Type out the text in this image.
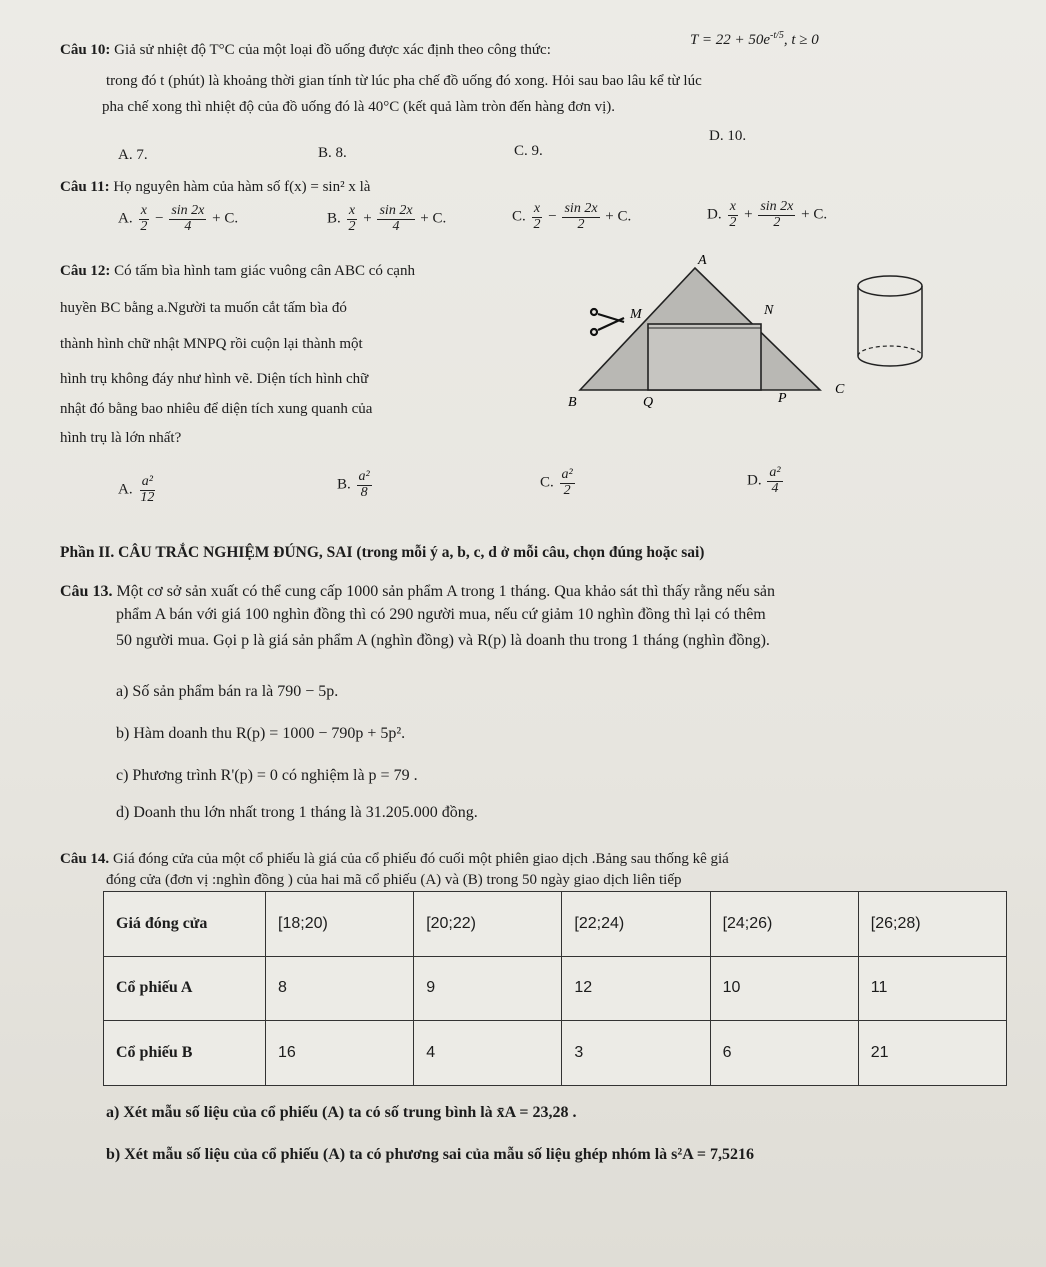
Câu 10: Giả sử nhiệt độ T°C của một loại đồ uống được xác định theo công thức:
$T = 22 + 50e^{-t/5}$, t ≥ 0
trong đó t (phút) là khoảng thời gian tính từ lúc pha chế đồ uống đó xong. Hỏi sau bao lâu kể từ lúc
pha chế xong thì nhiệt độ của đồ uống đó là 40°C (kết quả làm tròn đến hàng đơn vị).
A. 7.	B. 8.	C. 9.
D. 10.
Câu 11: Họ nguyên hàm của hàm số f(x) = sin² x là
A. $\frac{x}{2} - \frac{\sin 2x}{4} + C$.	B. $\frac{x}{2} + \frac{\sin 2x}{4} + C$.	C. $\frac{x}{2} - \frac{\sin 2x}{2} + C$.	D. $\frac{x}{2} + \frac{\sin 2x}{2} + C$.
Câu 12: Có tấm bìa hình tam giác vuông cân ABC có cạnh
huyền BC bằng a.Người ta muốn cắt tấm bìa đó
thành hình chữ nhật MNPQ rồi cuộn lại thành một
hình trụ không đáy như hình vẽ. Diện tích hình chữ
nhật đó bằng bao nhiêu để diện tích xung quanh của
hình trụ là lớn nhất?
A
B
C
M	N
P
Q
A. $\frac{\text{a²}}{12}$	B. $\frac{\text{a²}}{8}$	C. $\frac{\text{a²}}{2}$	D. $\frac{\text{a²}}{4}$
Phần II. CÂU TRẮC NGHIỆM ĐÚNG, SAI (trong mỗi ý a, b, c, d ở mỗi câu, chọn đúng hoặc sai)
Câu 13. Một cơ sở sản xuất có thể cung cấp 1000 sản phẩm A trong 1 tháng. Qua khảo sát thì thấy rằng nếu sản
phẩm A bán với giá 100 nghìn đồng thì có 290 người mua, nếu cứ giảm 10 nghìn đồng thì lại có thêm
50 người mua. Gọi p là giá sản phẩm A (nghìn đồng) và R(p) là doanh thu trong 1 tháng (nghìn đồng).
a) Số sản phẩm bán ra là 790 − 5p.
b) Hàm doanh thu R(p) = 1000 − 790p + 5p².
c) Phương trình R'(p) = 0 có nghiệm là p = 79 .
d) Doanh thu lớn nhất trong 1 tháng là 31.205.000 đồng.
Câu 14. Giá đóng cửa của một cổ phiếu là giá của cổ phiếu đó cuối một phiên giao dịch .Bảng sau thống kê giá
đóng cửa (đơn vị :nghìn đồng ) của hai mã cổ phiếu (A) và (B) trong 50 ngày giao dịch liên tiếp
Giá đóng cửa	[18;20)	[20;22)	[22;24)	[24;26)	[26;28)
Cổ phiếu A	8	9	12	10	11
Cổ phiếu B	16	4	3	6	21
a) Xét mẫu số liệu của cổ phiếu (A) ta có số trung bình là x̄A = 23,28 .
b) Xét mẫu số liệu của cổ phiếu (A) ta có phương sai của mẫu số liệu ghép nhóm là s²A = 7,5216
